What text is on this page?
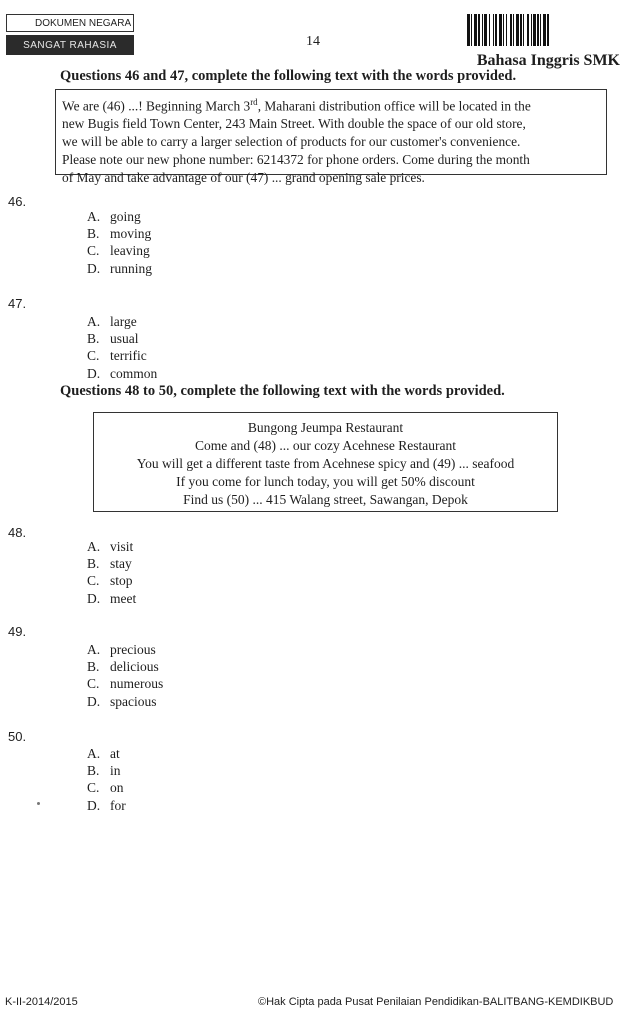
DOKUMEN NEGARA
SANGAT RAHASIA	14
Bahasa Inggris SMK
Questions 46 and 47, complete the following text with the words provided.

We are (46) ...! Beginning March 3rd, Maharani distribution office will be located in the

new Bugis field Town Center, 243 Main Street. With double the space of our old store,

we will be able to carry a larger selection of products for our customer's convenience.

Please note our new phone number: 6214372 for phone orders. Come during the month

of May and take advantage of our (47) ... grand opening sale prices.

46.
A. going
B. moving
C. leaving
D. running
47.
A. large
B. usual
C. terrific
D. common
Questions 48 to 50, complete the following text with the words provided.
Bungong Jeumpa Restaurant
Come and (48) ... our cozy Acehnese Restaurant
You will get a different taste from Acehnese spicy and (49) ... seafood
If you come for lunch today, you will get 50% discount
Find us (50) ... 415 Walang street, Sawangan, Depok
48.
A. visit
B. stay
C. stop
D. meet
49.
A. precious
B. delicious
C. numerous
D. spacious
50.
A. at
B. in
C. on
D. for
K-II-2014/2015	©Hak Cipta pada Pusat Penilaian Pendidikan-BALITBANG-KEMDIKBUD
